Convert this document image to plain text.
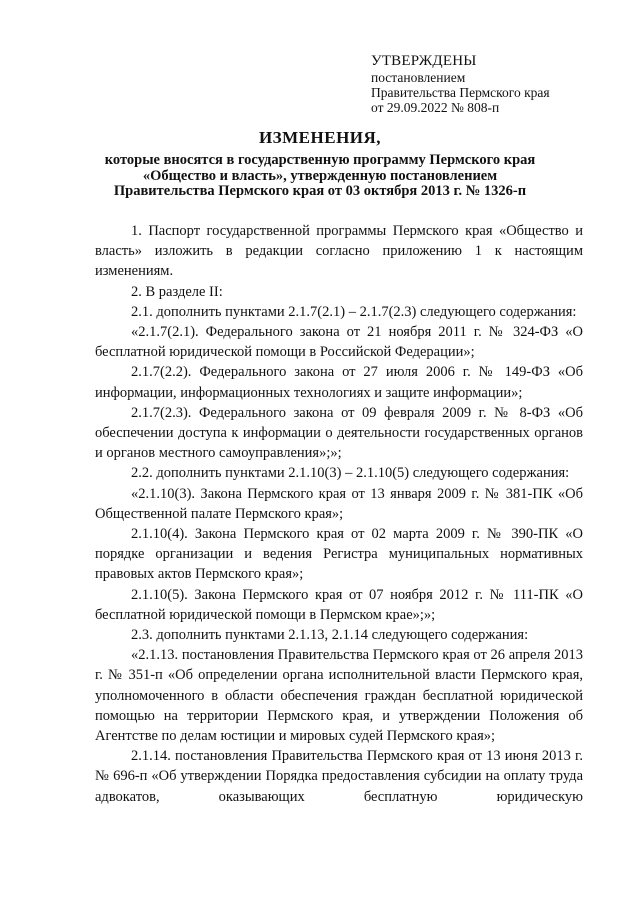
УТВЕРЖДЕНЫ
постановлением
Правительства Пермского края
от 29.09.2022 № 808-п
ИЗМЕНЕНИЯ,
которые вносятся в государственную программу Пермского края
«Общество и власть», утвержденную постановлением
Правительства Пермского края от 03 октября 2013 г. № 1326-п

1. Паспорт государственной программы Пермского края «Общество и власть» изложить в редакции согласно приложению 1 к настоящим изменениям.

2. В разделе II:

2.1. дополнить пунктами 2.1.7(2.1) – 2.1.7(2.3) следующего содержания:

«2.1.7(2.1). Федерального закона от 21 ноября 2011 г. № 324-ФЗ «О бесплатной юридической помощи в Российской Федерации»;

2.1.7(2.2). Федерального закона от 27 июля 2006 г. № 149-ФЗ «Об информации, информационных технологиях и защите информации»;

2.1.7(2.3). Федерального закона от 09 февраля 2009 г. № 8-ФЗ «Об обеспечении доступа к информации о деятельности государственных органов и органов местного самоуправления»;»;

2.2. дополнить пунктами 2.1.10(3) – 2.1.10(5) следующего содержания:

«2.1.10(3). Закона Пермского края от 13 января 2009 г. № 381-ПК «Об Общественной палате Пермского края»;

2.1.10(4). Закона Пермского края от 02 марта 2009 г. № 390-ПК «О порядке организации и ведения Регистра муниципальных нормативных правовых актов Пермского края»;

2.1.10(5). Закона Пермского края от 07 ноября 2012 г. № 111-ПК «О бесплатной юридической помощи в Пермском крае»;»;

2.3. дополнить пунктами 2.1.13, 2.1.14 следующего содержания:

«2.1.13. постановления Правительства Пермского края от 26 апреля 2013 г. № 351-п «Об определении органа исполнительной власти Пермского края, уполномоченного в области обеспечения граждан бесплатной юридической помощью на территории Пермского края, и утверждении Положения об Агентстве по делам юстиции и мировых судей Пермского края»;

2.1.14. постановления Правительства Пермского края от 13 июня 2013 г. № 696-п «Об утверждении Порядка предоставления субсидии на оплату труда адвокатов, оказывающих бесплатную юридическую
